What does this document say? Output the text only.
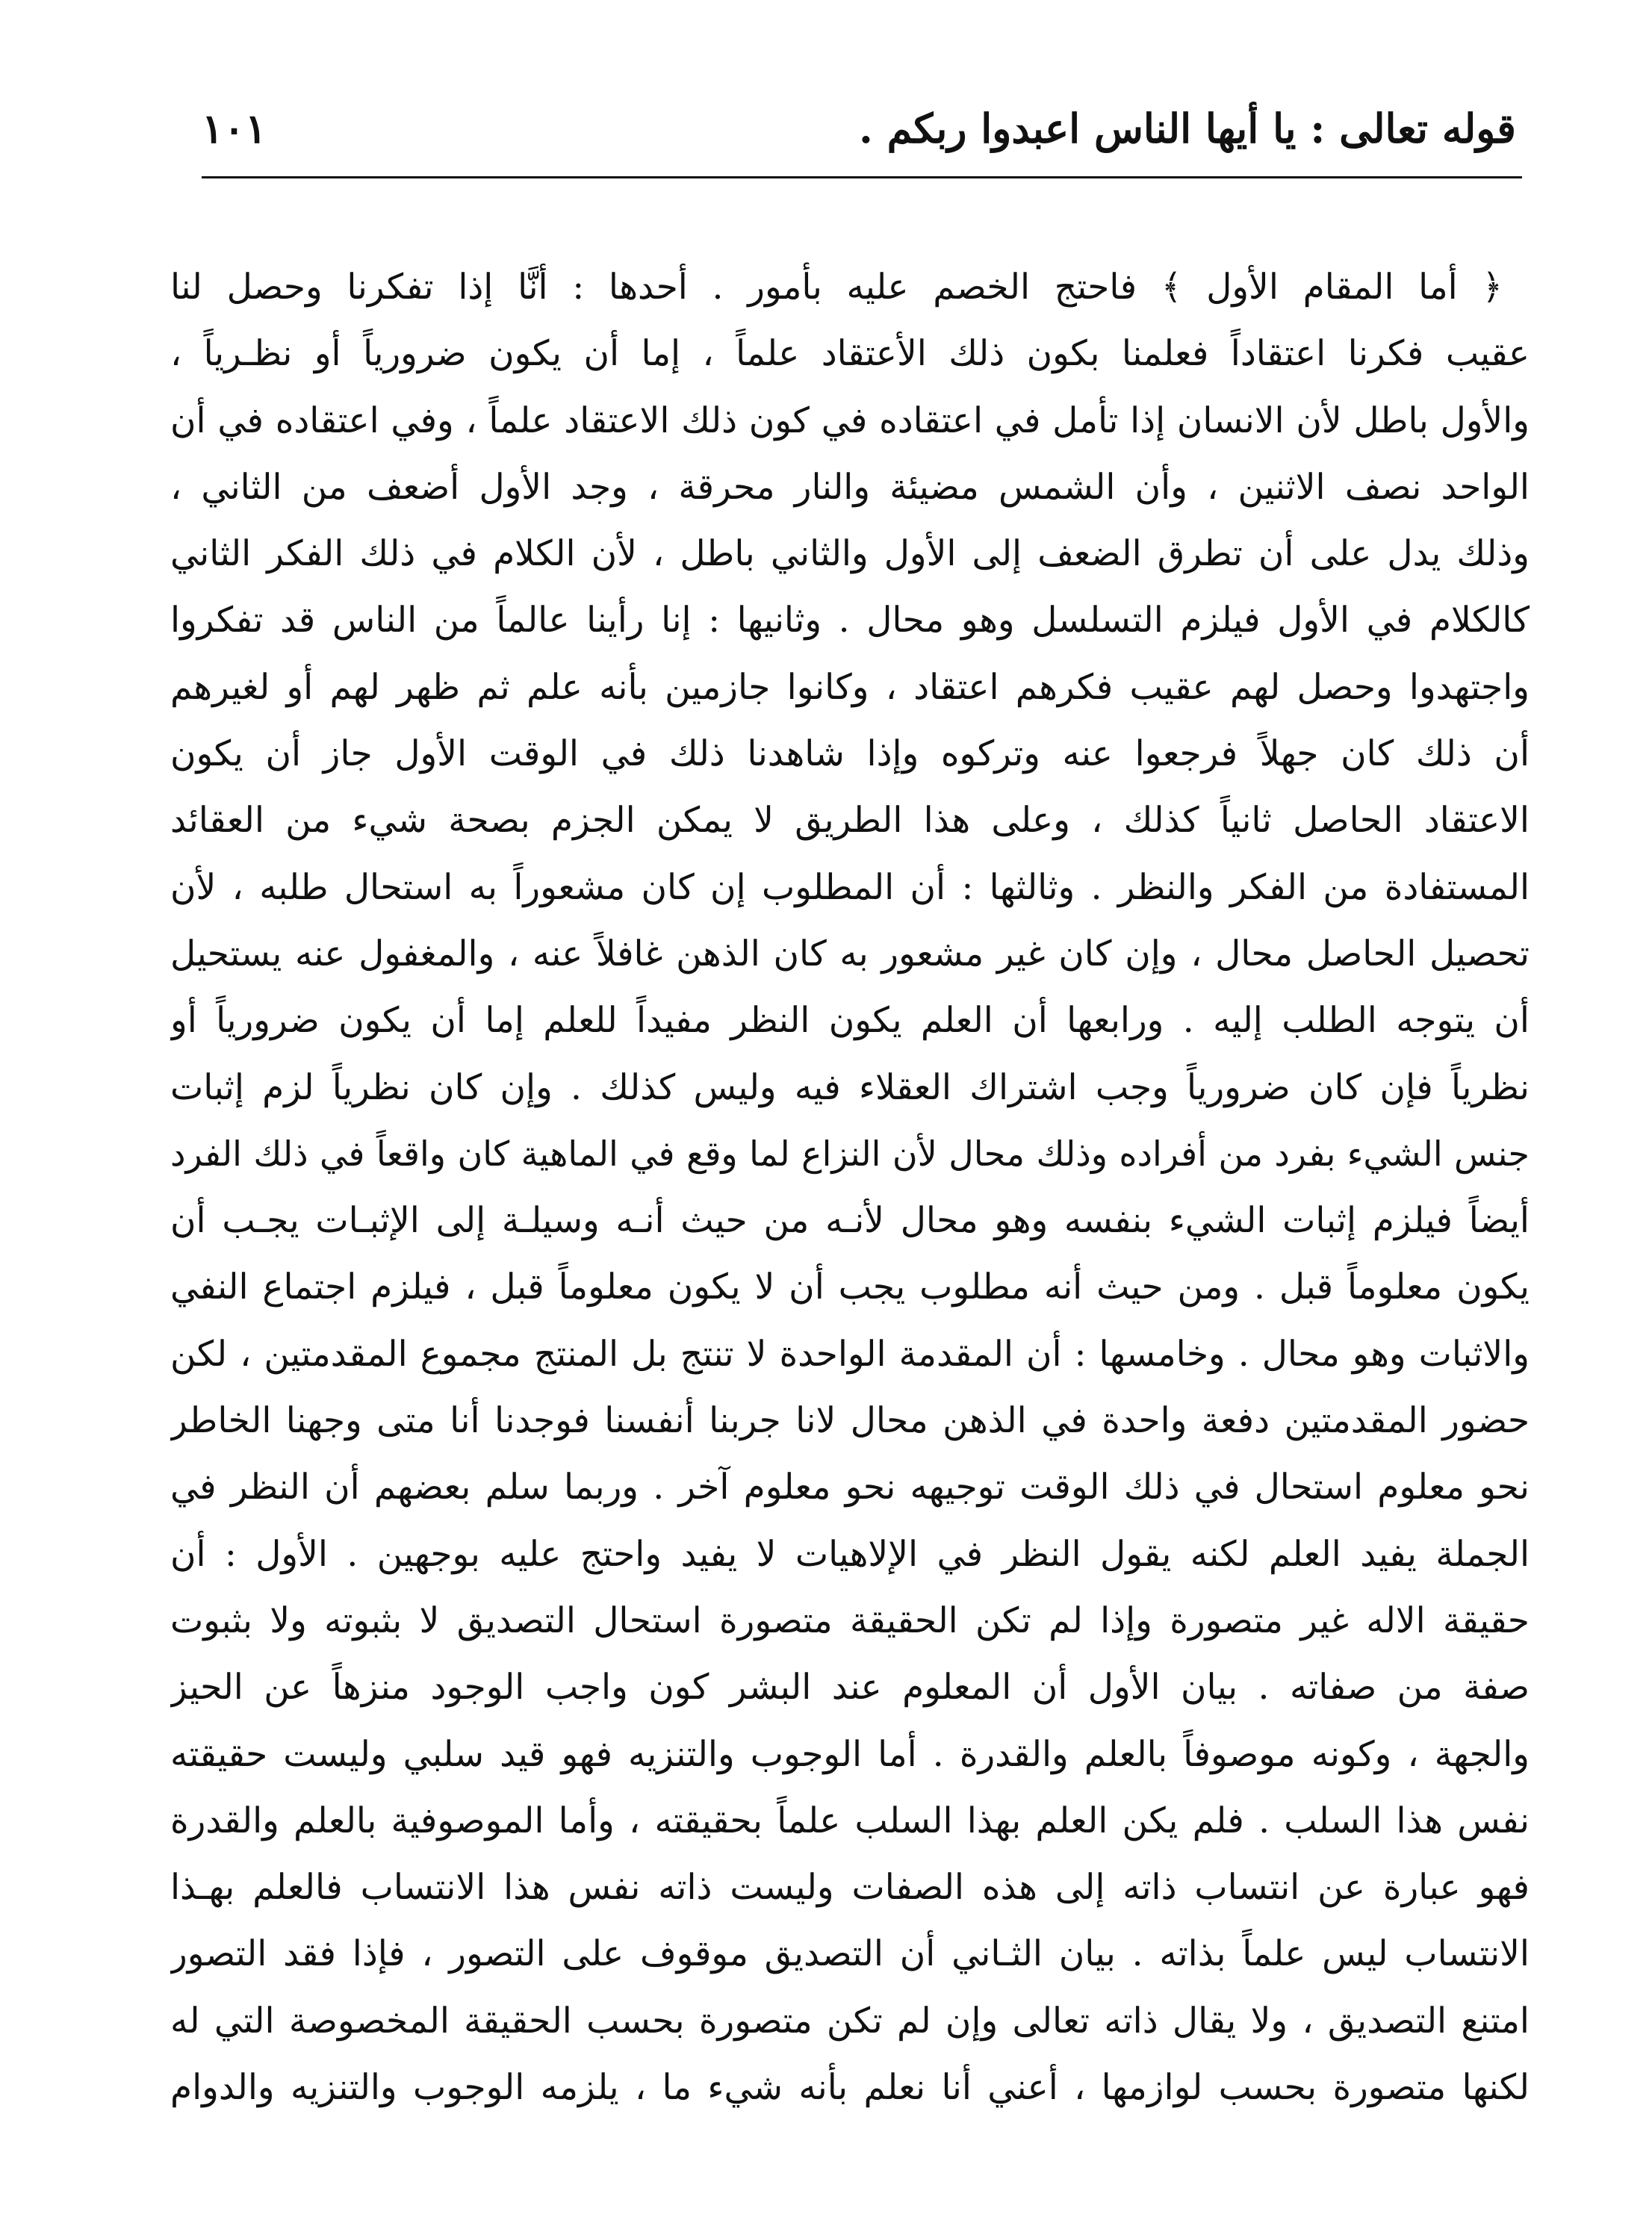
قوله تعالى : يا أيها الناس اعبدوا ربكم .
١٠١
﴿ أما المقام الأول ﴾ فاحتج الخصم عليه بأمور . أحدها : أنَّا إذا تفكرنا وحصل لنا
عقيب فكرنا اعتقاداً فعلمنا بكون ذلك الأعتقاد علماً ، إما أن يكون ضرورياً أو نظـرياً ،
والأول باطل لأن الانسان إذا تأمل في اعتقاده في كون ذلك الاعتقاد علماً ، وفي اعتقاده في أن
الواحد نصف الاثنين ، وأن الشمس مضيئة والنار محرقة ، وجد الأول أضعف من الثاني ،
وذلك يدل على أن تطرق الضعف إلى الأول والثاني باطل ، لأن الكلام في ذلك الفكر الثاني
كالكلام في الأول فيلزم التسلسل وهو محال . وثانيها : إنا رأينا عالماً من الناس قد تفكروا
واجتهدوا وحصل لهم عقيب فكرهم اعتقاد ، وكانوا جازمين بأنه علم ثم ظهر لهم أو لغيرهم
أن ذلك كان جهلاً فرجعوا عنه وتركوه وإذا شاهدنا ذلك في الوقت الأول جاز أن يكون
الاعتقاد الحاصل ثانياً كذلك ، وعلى هذا الطريق لا يمكن الجزم بصحة شيء من العقائد
المستفادة من الفكر والنظر . وثالثها : أن المطلوب إن كان مشعوراً به استحال طلبه ، لأن
تحصيل الحاصل محال ، وإن كان غير مشعور به كان الذهن غافلاً عنه ، والمغفول عنه يستحيل
أن يتوجه الطلب إليه . ورابعها أن العلم يكون النظر مفيداً للعلم إما أن يكون ضرورياً أو
نظرياً فإن كان ضرورياً وجب اشتراك العقلاء فيه وليس كذلك . وإن كان نظرياً لزم إثبات
جنس الشيء بفرد من أفراده وذلك محال لأن النزاع لما وقع في الماهية كان واقعاً في ذلك الفرد
أيضاً فيلزم إثبات الشيء بنفسه وهو محال لأنـه من حيث أنـه وسيلـة إلى الإثبـات يجـب أن
يكون معلوماً قبل . ومن حيث أنه مطلوب يجب أن لا يكون معلوماً قبل ، فيلزم اجتماع النفي
والاثبات وهو محال . وخامسها : أن المقدمة الواحدة لا تنتج بل المنتج مجموع المقدمتين ، لكن
حضور المقدمتين دفعة واحدة في الذهن محال لانا جربنا أنفسنا فوجدنا أنا متى وجهنا الخاطر
نحو معلوم استحال في ذلك الوقت توجيهه نحو معلوم آخر . وربما سلم بعضهم أن النظر في
الجملة يفيد العلم لكنه يقول النظر في الإلاهيات لا يفيد واحتج عليه بوجهين . الأول : أن
حقيقة الاله غير متصورة وإذا لم تكن الحقيقة متصورة استحال التصديق لا بثبوته ولا بثبوت
صفة من صفاته . بيان الأول أن المعلوم عند البشر كون واجب الوجود منزهاً عن الحيز
والجهة ، وكونه موصوفاً بالعلم والقدرة . أما الوجوب والتنزيه فهو قيد سلبي وليست حقيقته
نفس هذا السلب . فلم يكن العلم بهذا السلب علماً بحقيقته ، وأما الموصوفية بالعلم والقدرة
فهو عبارة عن انتساب ذاته إلى هذه الصفات وليست ذاته نفس هذا الانتساب فالعلم بهـذا
الانتساب ليس علماً بذاته . بيان الثـاني أن التصديق موقوف على التصور ، فإذا فقد التصور
امتنع التصديق ، ولا يقال ذاته تعالى وإن لم تكن متصورة بحسب الحقيقة المخصوصة التي له
لكنها متصورة بحسب لوازمها ، أعني أنا نعلم بأنه شيء ما ، يلزمه الوجوب والتنزيه والدوام
